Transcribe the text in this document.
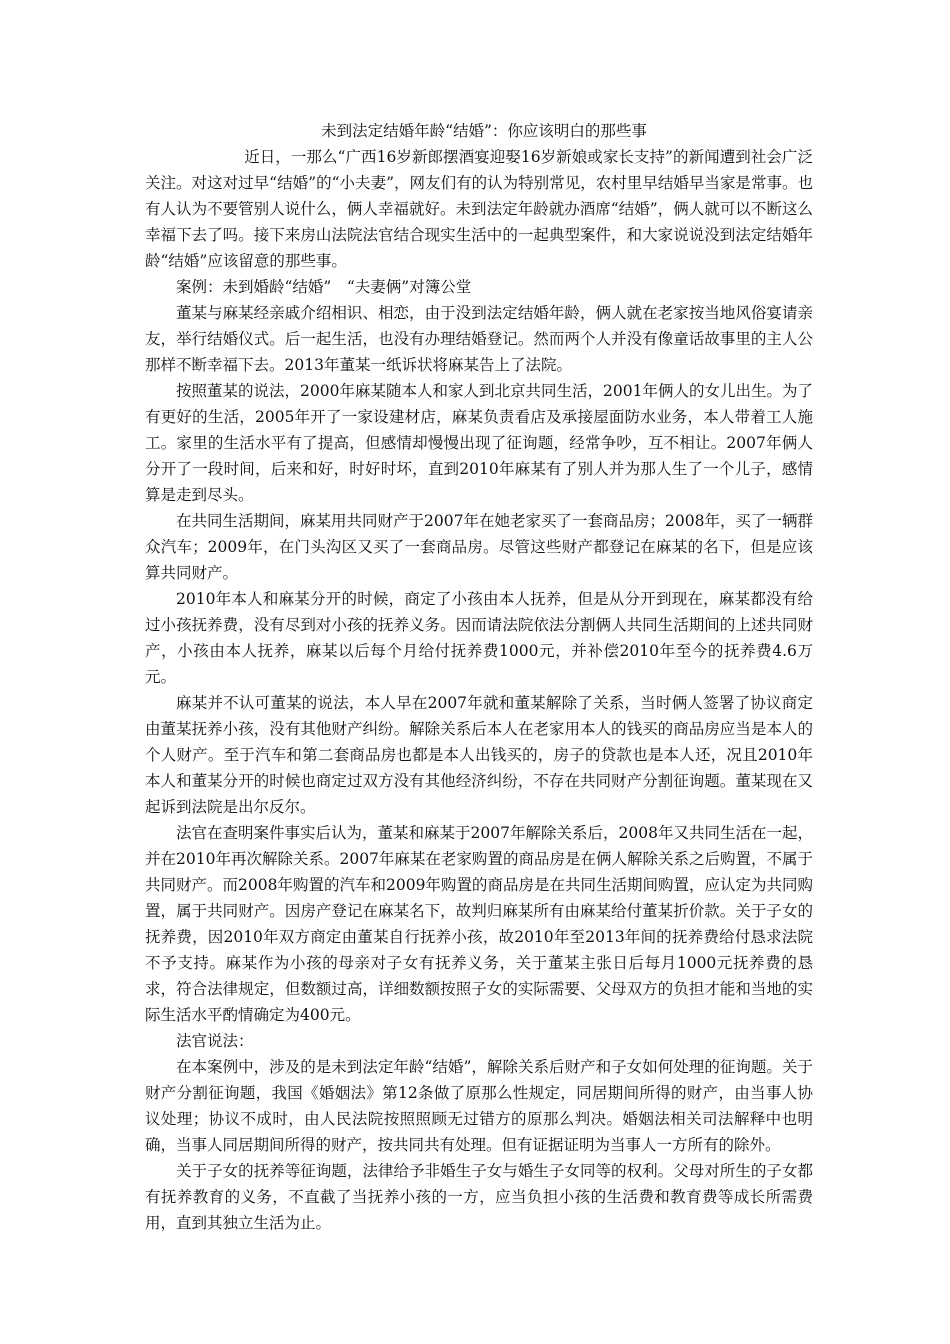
未到法定结婚年龄“结婚”：你应该明白的那些事

近日，一那么“广西16岁新郎摆酒宴迎娶16岁新娘或家长支持”的新闻遭到社会广泛关注。对这对过早“结婚”的“小夫妻”，网友们有的认为特别常见，农村里早结婚早当家是常事。也有人认为不要管别人说什么，俩人幸福就好。未到法定年龄就办酒席“结婚”，俩人就可以不断这么幸福下去了吗。接下来房山法院法官结合现实生活中的一起典型案件，和大家说说没到法定结婚年龄“结婚”应该留意的那些事。

案例：未到婚龄“结婚”　“夫妻俩”对簿公堂

董某与麻某经亲戚介绍相识、相恋，由于没到法定结婚年龄，俩人就在老家按当地风俗宴请亲友，举行结婚仪式。后一起生活，也没有办理结婚登记。然而两个人并没有像童话故事里的主人公那样不断幸福下去。2013年董某一纸诉状将麻某告上了法院。

按照董某的说法，2000年麻某随本人和家人到北京共同生活，2001年俩人的女儿出生。为了有更好的生活，2005年开了一家设建材店，麻某负责看店及承接屋面防水业务，本人带着工人施工。家里的生活水平有了提高，但感情却慢慢出现了征询题，经常争吵，互不相让。2007年俩人分开了一段时间，后来和好，时好时坏，直到2010年麻某有了别人并为那人生了一个儿子，感情算是走到尽头。

在共同生活期间，麻某用共同财产于2007年在她老家买了一套商品房；2008年，买了一辆群众汽车；2009年，在门头沟区又买了一套商品房。尽管这些财产都登记在麻某的名下，但是应该算共同财产。

2010年本人和麻某分开的时候，商定了小孩由本人抚养，但是从分开到现在，麻某都没有给过小孩抚养费，没有尽到对小孩的抚养义务。因而请法院依法分割俩人共同生活期间的上述共同财产，小孩由本人抚养，麻某以后每个月给付抚养费1000元，并补偿2010年至今的抚养费4.6万元。

麻某并不认可董某的说法，本人早在2007年就和董某解除了关系，当时俩人签署了协议商定由董某抚养小孩，没有其他财产纠纷。解除关系后本人在老家用本人的钱买的商品房应当是本人的个人财产。至于汽车和第二套商品房也都是本人出钱买的，房子的贷款也是本人还，况且2010年本人和董某分开的时候也商定过双方没有其他经济纠纷，不存在共同财产分割征询题。董某现在又起诉到法院是出尔反尔。

法官在查明案件事实后认为，董某和麻某于2007年解除关系后，2008年又共同生活在一起，并在2010年再次解除关系。2007年麻某在老家购置的商品房是在俩人解除关系之后购置，不属于共同财产。而2008年购置的汽车和2009年购置的商品房是在共同生活期间购置，应认定为共同购置，属于共同财产。因房产登记在麻某名下，故判归麻某所有由麻某给付董某折价款。关于子女的抚养费，因2010年双方商定由董某自行抚养小孩，故2010年至2013年间的抚养费给付恳求法院不予支持。麻某作为小孩的母亲对子女有抚养义务，关于董某主张日后每月1000元抚养费的恳求，符合法律规定，但数额过高，详细数额按照子女的实际需要、父母双方的负担才能和当地的实际生活水平酌情确定为400元。

法官说法：

在本案例中，涉及的是未到法定年龄“结婚”，解除关系后财产和子女如何处理的征询题。关于财产分割征询题，我国《婚姻法》第12条做了原那么性规定，同居期间所得的财产，由当事人协议处理；协议不成时，由人民法院按照照顾无过错方的原那么判决。婚姻法相关司法解释中也明确，当事人同居期间所得的财产，按共同共有处理。但有证据证明为当事人一方所有的除外。

关于子女的抚养等征询题，法律给予非婚生子女与婚生子女同等的权利。父母对所生的子女都有抚养教育的义务，不直截了当抚养小孩的一方，应当负担小孩的生活费和教育费等成长所需费用，直到其独立生活为止。
